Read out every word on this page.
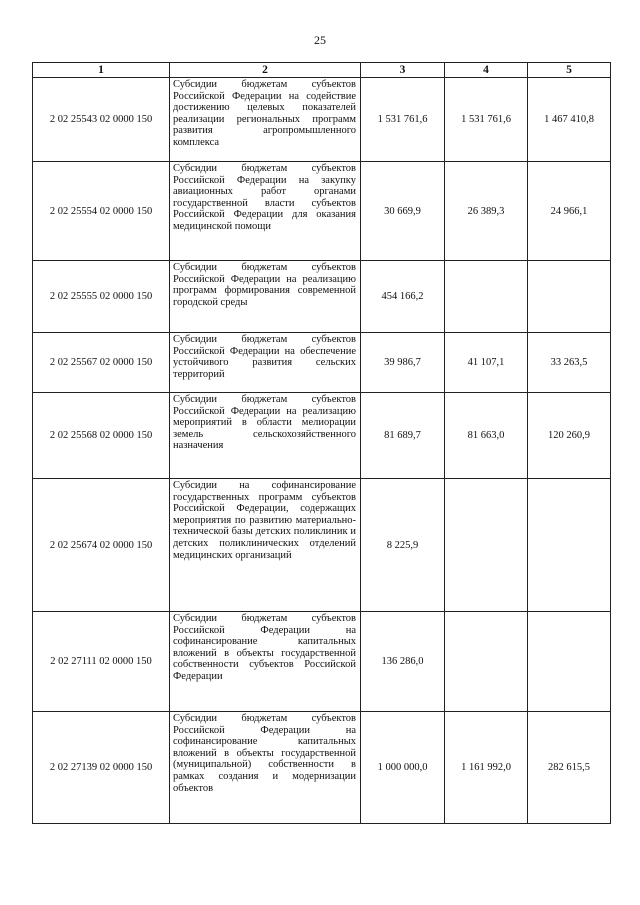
25
1	2	3	4	5
2 02 25543 02 0000 150	Субсидии бюджетам субъектов Российской Федерации на содействие достижению целевых показателей реализации региональных программ развития агропромышленного комплекса	1 531 761,6	1 531 761,6	1 467 410,8
2 02 25554 02 0000 150	Субсидии бюджетам субъектов Российской Федерации на закупку авиационных работ органами государственной власти субъектов Российской Федерации для оказания медицинской помощи	30 669,9	26 389,3	24 966,1
2 02 25555 02 0000 150	Субсидии бюджетам субъектов Российской Федерации на реализацию программ формирования современной городской среды	454 166,2		
2 02 25567 02 0000 150	Субсидии бюджетам субъектов Российской Федерации на обеспечение устойчивого развития сельских территорий	39 986,7	41 107,1	33 263,5
2 02 25568 02 0000 150	Субсидии бюджетам субъектов Российской Федерации на реализацию мероприятий в области мелиорации земель сельскохозяйственного назначения	81 689,7	81 663,0	120 260,9
2 02 25674 02 0000 150	Субсидии на софинансирование государственных программ субъектов Российской Федерации, содержащих мероприятия по развитию материально-технической базы детских поликлиник и детских поликлинических отделений медицинских организаций	8 225,9		
2 02 27111 02 0000 150	Субсидии бюджетам субъектов Российской Федерации на софинансирование капитальных вложений в объекты государственной собственности субъектов Российской Федерации	136 286,0		
2 02 27139 02 0000 150	Субсидии бюджетам субъектов Российской Федерации на софинансирование капитальных вложений в объекты государственной (муниципальной) собственности в рамках создания и модернизации объектов	1 000 000,0	1 161 992,0	282 615,5
